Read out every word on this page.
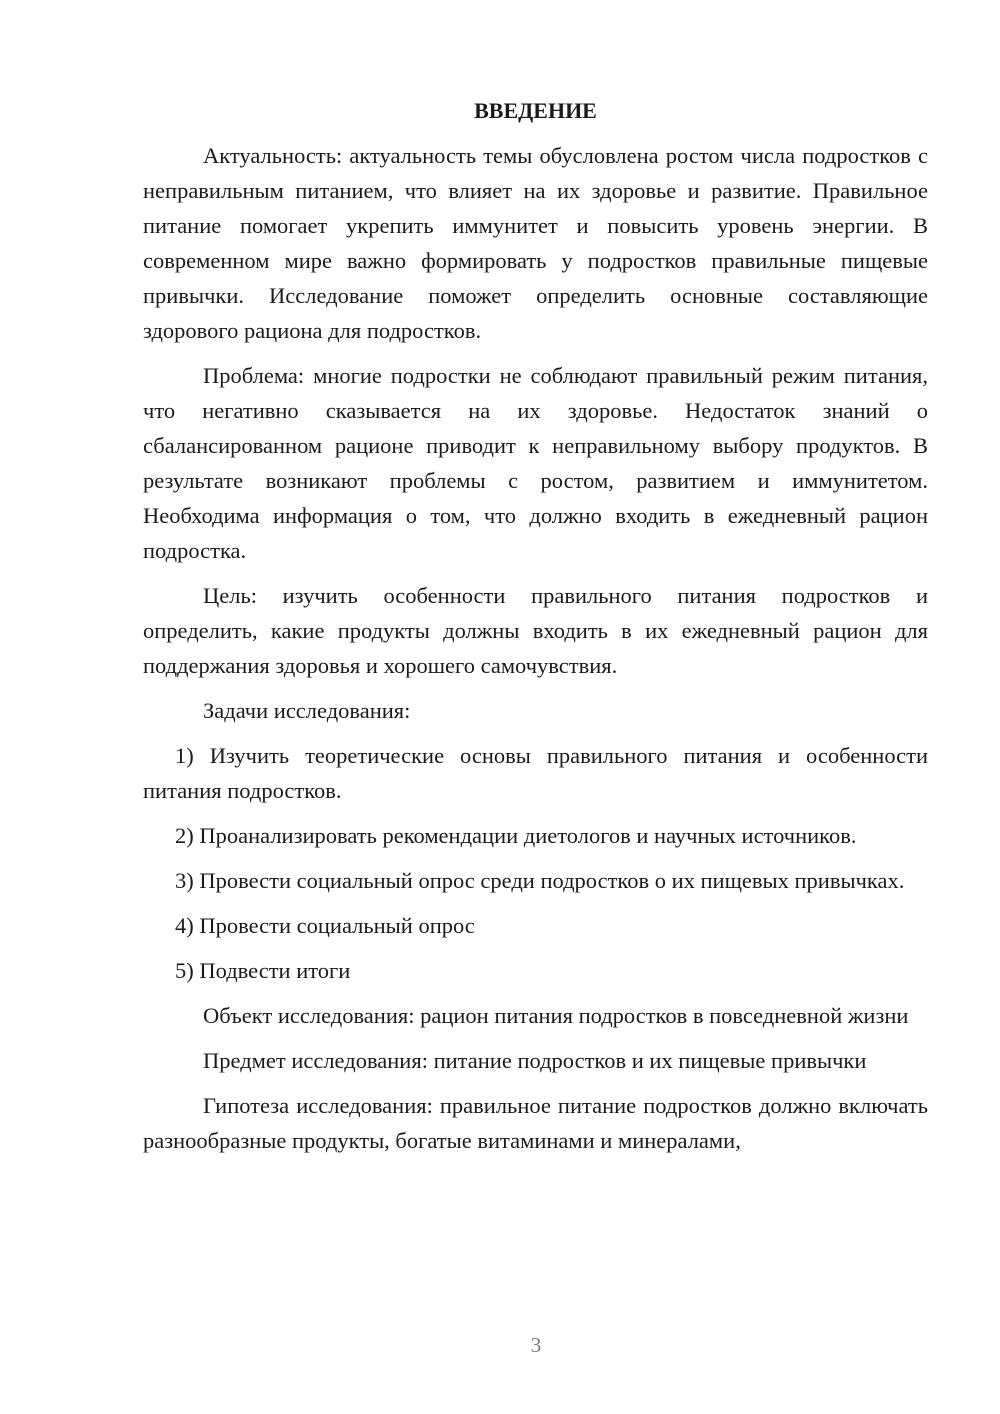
ВВЕДЕНИЕ

Актуальность: актуальность темы обусловлена ростом числа подростков с неправильным питанием, что влияет на их здоровье и развитие. Правильное питание помогает укрепить иммунитет и повысить уровень энергии. В современном мире важно формировать у подростков правильные пищевые привычки. Исследование поможет определить основные составляющие здорового рациона для подростков.

Проблема: многие подростки не соблюдают правильный режим питания, что негативно сказывается на их здоровье. Недостаток знаний о сбалансированном рационе приводит к неправильному выбору продуктов. В результате возникают проблемы с ростом, развитием и иммунитетом. Необходима информация о том, что должно входить в ежедневный рацион подростка.

Цель: изучить особенности правильного питания подростков и определить, какие продукты должны входить в их ежедневный рацион для поддержания здоровья и хорошего самочувствия.

Задачи исследования:

1) Изучить теоретические основы правильного питания и особенности питания подростков.

2) Проанализировать рекомендации диетологов и научных источников.

3) Провести социальный опрос среди подростков о их пищевых привычках.

4) Провести социальный опрос

5) Подвести итоги

Объект исследования: рацион питания подростков в повседневной жизни

Предмет исследования: питание подростков и их пищевые привычки

Гипотеза исследования: правильное питание подростков должно включать разнообразные продукты, богатые витаминами и минералами,

3
